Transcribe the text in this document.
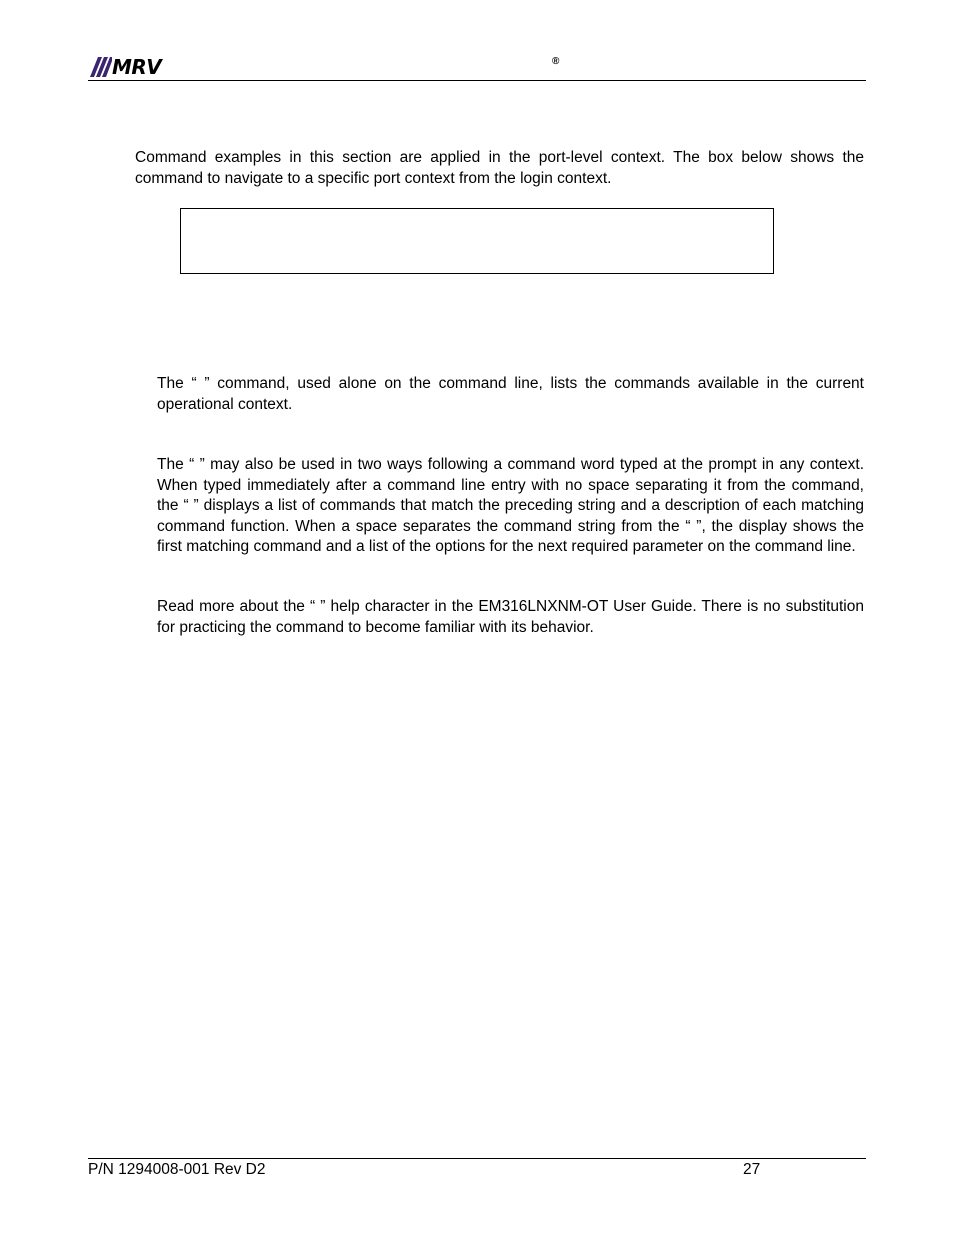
MRV	®

Command examples in this section are applied in the port-level context. The box below shows the command to navigate to a specific port context from the login context.

The “ ” command, used alone on the command line, lists the commands available in the current operational context.

The “ ” may also be used in two ways following a command word typed at the prompt in any context. When typed immediately after a command line entry with no space separating it from the command, the “ ” displays a list of commands that match the preceding string and a description of each matching command function. When a space separates the command string from the “ ”, the display shows the first matching command and a list of the options for the next required parameter on the command line.

Read more about the “ ” help character in the EM316LNXNM-OT User Guide. There is no substitution for practicing the command to become familiar with its behavior.

P/N 1294008-001 Rev D2	27
